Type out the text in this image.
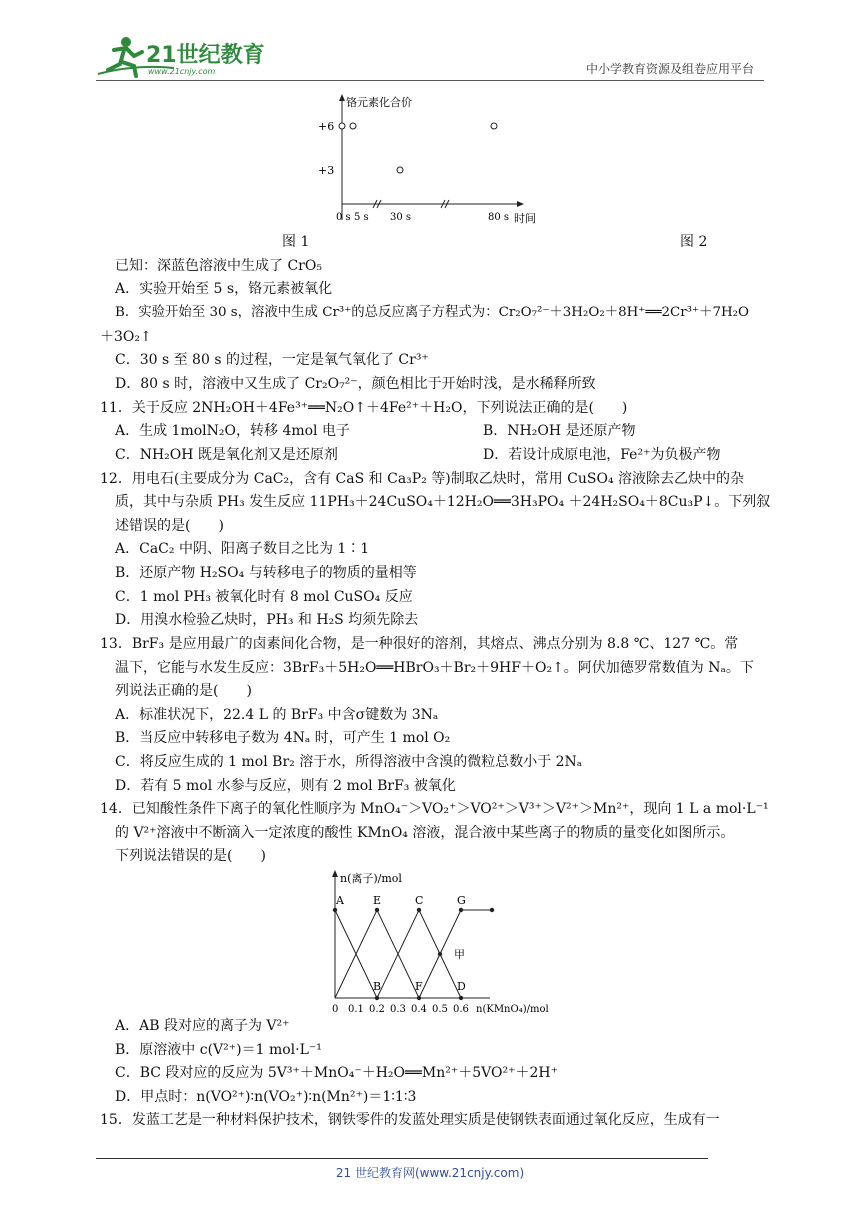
21世纪教育
www.21cnjy.com	中小学教育资源及组卷应用平台
铬元素化合价
+6
+3
0 s 5 s 30 s	80 s 时间
图 1	图 2
已知：深蓝色溶液中生成了 CrO₅
A．实验开始至 5 s，铬元素被氧化
B．实验开始至 30 s，溶液中生成 Cr³⁺的总反应离子方程式为：Cr₂O₇²⁻＋3H₂O₂＋8H⁺══2Cr³⁺＋7H₂O
＋3O₂↑
C．30 s 至 80 s 的过程，一定是氧气氧化了 Cr³⁺
D．80 s 时，溶液中又生成了 Cr₂O₇²⁻，颜色相比于开始时浅，是水稀释所致
11．关于反应 2NH₂OH＋4Fe³⁺══N₂O↑＋4Fe²⁺＋H₂O，下列说法正确的是(　　)
A．生成 1molN₂O，转移 4mol 电子	B．NH₂OH 是还原产物
C．NH₂OH 既是氧化剂又是还原剂	D．若设计成原电池，Fe²⁺为负极产物
12．用电石(主要成分为 CaC₂，含有 CaS 和 Ca₃P₂ 等)制取乙炔时，常用 CuSO₄ 溶液除去乙炔中的杂
质，其中与杂质 PH₃ 发生反应 11PH₃＋24CuSO₄＋12H₂O══3H₃PO₄ ＋24H₂SO₄＋8Cu₃P↓。下列叙
述错误的是(　　)
A．CaC₂ 中阴、阳离子数目之比为 1∶1
B．还原产物 H₂SO₄ 与转移电子的物质的量相等
C．1 mol PH₃ 被氧化时有 8 mol CuSO₄ 反应
D．用溴水检验乙炔时，PH₃ 和 H₂S 均须先除去
13．BrF₃ 是应用最广的卤素间化合物，是一种很好的溶剂，其熔点、沸点分别为 8.8 ℃、127 ℃。常
温下，它能与水发生反应：3BrF₃＋5H₂O══HBrO₃＋Br₂＋9HF＋O₂↑。阿伏加德罗常数值为 Nₐ。下
列说法正确的是(　　)
A．标准状况下，22.4 L 的 BrF₃ 中含σ键数为 3Nₐ
B．当反应中转移电子数为 4Nₐ 时，可产生 1 mol O₂
C．将反应生成的 1 mol Br₂ 溶于水，所得溶液中含溴的微粒总数小于 2Nₐ
D．若有 5 mol 水参与反应，则有 2 mol BrF₃ 被氧化
14．已知酸性条件下离子的氧化性顺序为 MnO₄⁻＞VO₂⁺＞VO²⁺＞V³⁺＞V²⁺＞Mn²⁺，现向 1 L a mol·L⁻¹
的 V²⁺溶液中不断滴入一定浓度的酸性 KMnO₄ 溶液，混合液中某些离子的物质的量变化如图所示。
下列说法错误的是(　　)
n(离子)/mol
A	E	C	G
B	F	D
甲
0 0.1 0.2 0.3 0.4 0.5 0.6 n(KMnO₄)/mol
A．AB 段对应的离子为 V²⁺
B．原溶液中 c(V²⁺)＝1 mol·L⁻¹
C．BC 段对应的反应为 5V³⁺＋MnO₄⁻＋H₂O══Mn²⁺＋5VO²⁺＋2H⁺
D．甲点时：n(VO²⁺)∶n(VO₂⁺)∶n(Mn²⁺)＝1∶1∶3
15．发蓝工艺是一种材料保护技术，钢铁零件的发蓝处理实质是使钢铁表面通过氧化反应，生成有一
21 世纪教育网(www.21cnjy.com)
